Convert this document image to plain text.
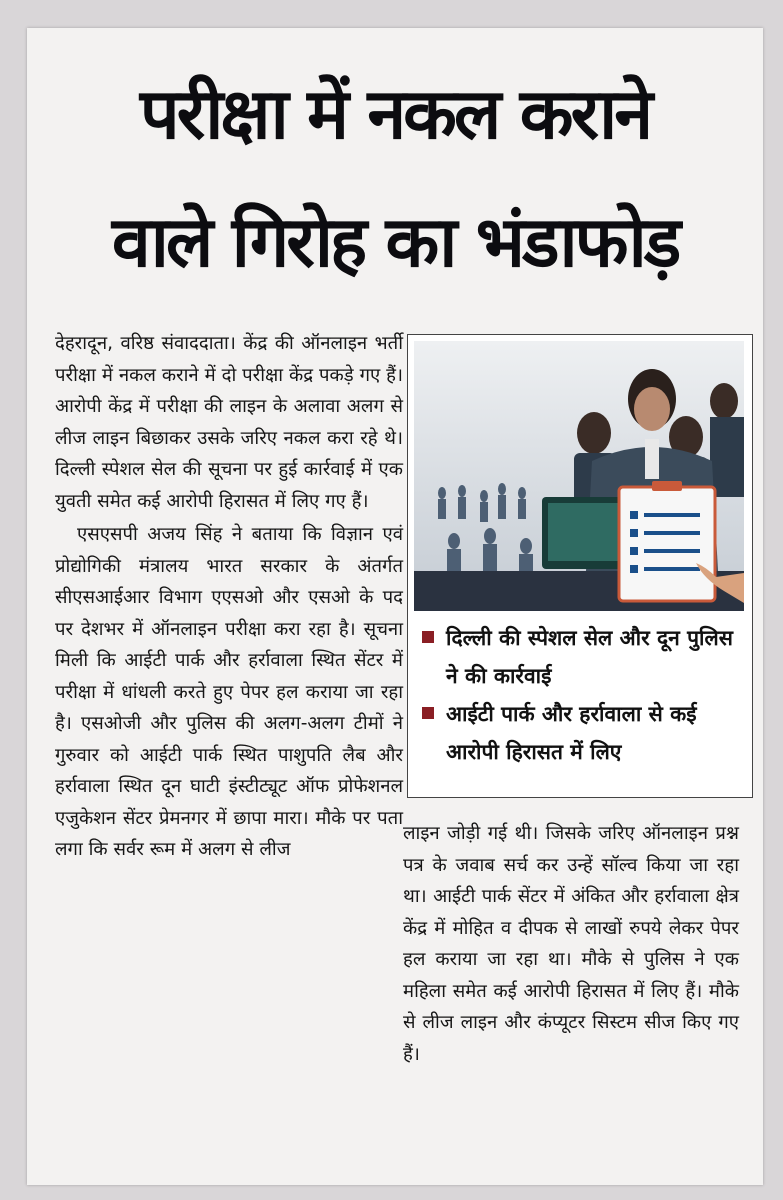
परीक्षा में नकल कराने
वाले गिरोह का भंडाफोड़

देहरादून, वरिष्ठ संवाददाता। केंद्र की ऑनलाइन भर्ती परीक्षा में नकल कराने में दो परीक्षा केंद्र पकड़े गए हैं। आरोपी केंद्र में परीक्षा की लाइन के अलावा अलग से लीज लाइन बिछाकर उसके जरिए नकल करा रहे थे। दिल्ली स्पेशल सेल की सूचना पर हुई कार्रवाई में एक युवती समेत कई आरोपी हिरासत में लिए गए हैं।

एसएसपी अजय सिंह ने बताया कि विज्ञान एवं प्रोद्योगिकी मंत्रालय भारत सरकार के अंतर्गत सीएसआईआर विभाग एएसओ और एसओ के पद पर देशभर में ऑनलाइन परीक्षा करा रहा है। सूचना मिली कि आईटी पार्क और हर्रावाला स्थित सेंटर में परीक्षा में धांधली करते हुए पेपर हल कराया जा रहा है। एसओजी और पुलिस की अलग-अलग टीमों ने गुरुवार को आईटी पार्क स्थित पाशुपति लैब और हर्रावाला स्थित दून घाटी इंस्टीट्यूट ऑफ प्रोफेशनल एजुकेशन सेंटर प्रेमनगर में छापा मारा। मौके पर पता लगा कि सर्वर रूम में अलग से लीज

दिल्ली की स्पेशल सेल और दून पुलिस ने की कार्रवाई
आईटी पार्क और हर्रावाला से कई आरोपी हिरासत में लिए

लाइन जोड़ी गई थी। जिसके जरिए ऑनलाइन प्रश्न पत्र के जवाब सर्च कर उन्हें सॉल्व किया जा रहा था। आईटी पार्क सेंटर में अंकित और हर्रावाला क्षेत्र केंद्र में मोहित व दीपक से लाखों रुपये लेकर पेपर हल कराया जा रहा था। मौके से पुलिस ने एक महिला समेत कई आरोपी हिरासत में लिए हैं। मौके से लीज लाइन और कंप्यूटर सिस्टम सीज किए गए हैं।
